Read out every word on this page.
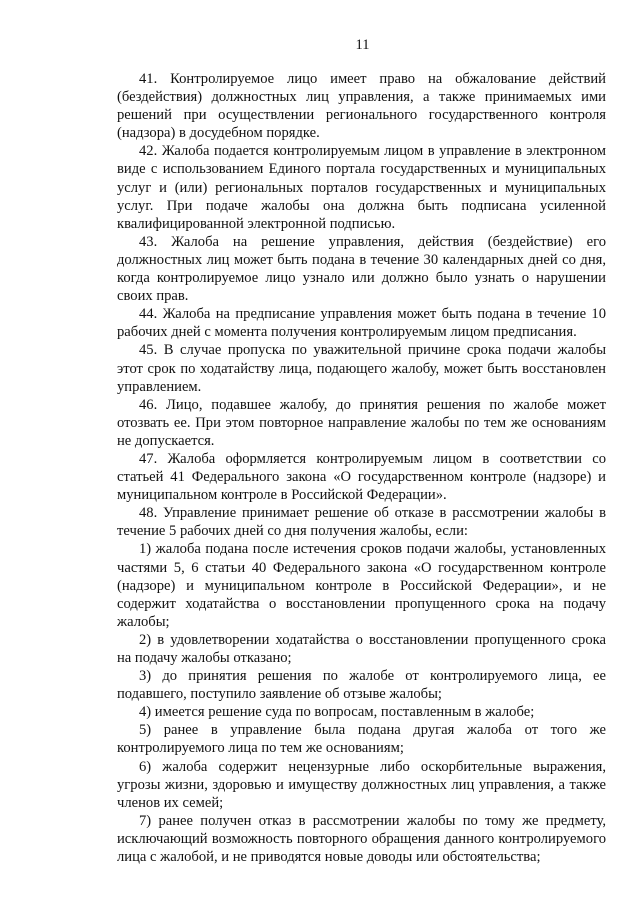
11

41. Контролируемое лицо имеет право на обжалование действий (бездействия) должностных лиц управления, а также принимаемых ими решений при осуществлении регионального государственного контроля (надзора) в досудебном порядке.

42. Жалоба подается контролируемым лицом в управление в электронном виде с использованием Единого портала государственных и муниципальных услуг и (или) региональных порталов государственных и муниципальных услуг. При подаче жалобы она должна быть подписана усиленной квалифицированной электронной подписью.

43. Жалоба на решение управления, действия (бездействие) его должностных лиц может быть подана в течение 30 календарных дней со дня, когда контролируемое лицо узнало или должно было узнать о нарушении своих прав.

44. Жалоба на предписание управления может быть подана в течение 10 рабочих дней с момента получения контролируемым лицом предписания.

45. В случае пропуска по уважительной причине срока подачи жалобы этот срок по ходатайству лица, подающего жалобу, может быть восстановлен управлением.

46. Лицо, подавшее жалобу, до принятия решения по жалобе может отозвать ее. При этом повторное направление жалобы по тем же основаниям не допускается.

47. Жалоба оформляется контролируемым лицом в соответствии со статьей 41 Федерального закона «О государственном контроле (надзоре) и муниципальном контроле в Российской Федерации».

48. Управление принимает решение об отказе в рассмотрении жалобы в течение 5 рабочих дней со дня получения жалобы, если:

1) жалоба подана после истечения сроков подачи жалобы, установленных частями 5, 6 статьи 40 Федерального закона «О государственном контроле (надзоре) и муниципальном контроле в Российской Федерации», и не содержит ходатайства о восстановлении пропущенного срока на подачу жалобы;

2) в удовлетворении ходатайства о восстановлении пропущенного срока на подачу жалобы отказано;

3) до принятия решения по жалобе от контролируемого лица, ее подавшего, поступило заявление об отзыве жалобы;

4) имеется решение суда по вопросам, поставленным в жалобе;

5) ранее в управление была подана другая жалоба от того же контролируемого лица по тем же основаниям;

6) жалоба содержит нецензурные либо оскорбительные выражения, угрозы жизни, здоровью и имуществу должностных лиц управления, а также членов их семей;

7) ранее получен отказ в рассмотрении жалобы по тому же предмету, исключающий возможность повторного обращения данного контролируемого лица с жалобой, и не приводятся новые доводы или обстоятельства;
